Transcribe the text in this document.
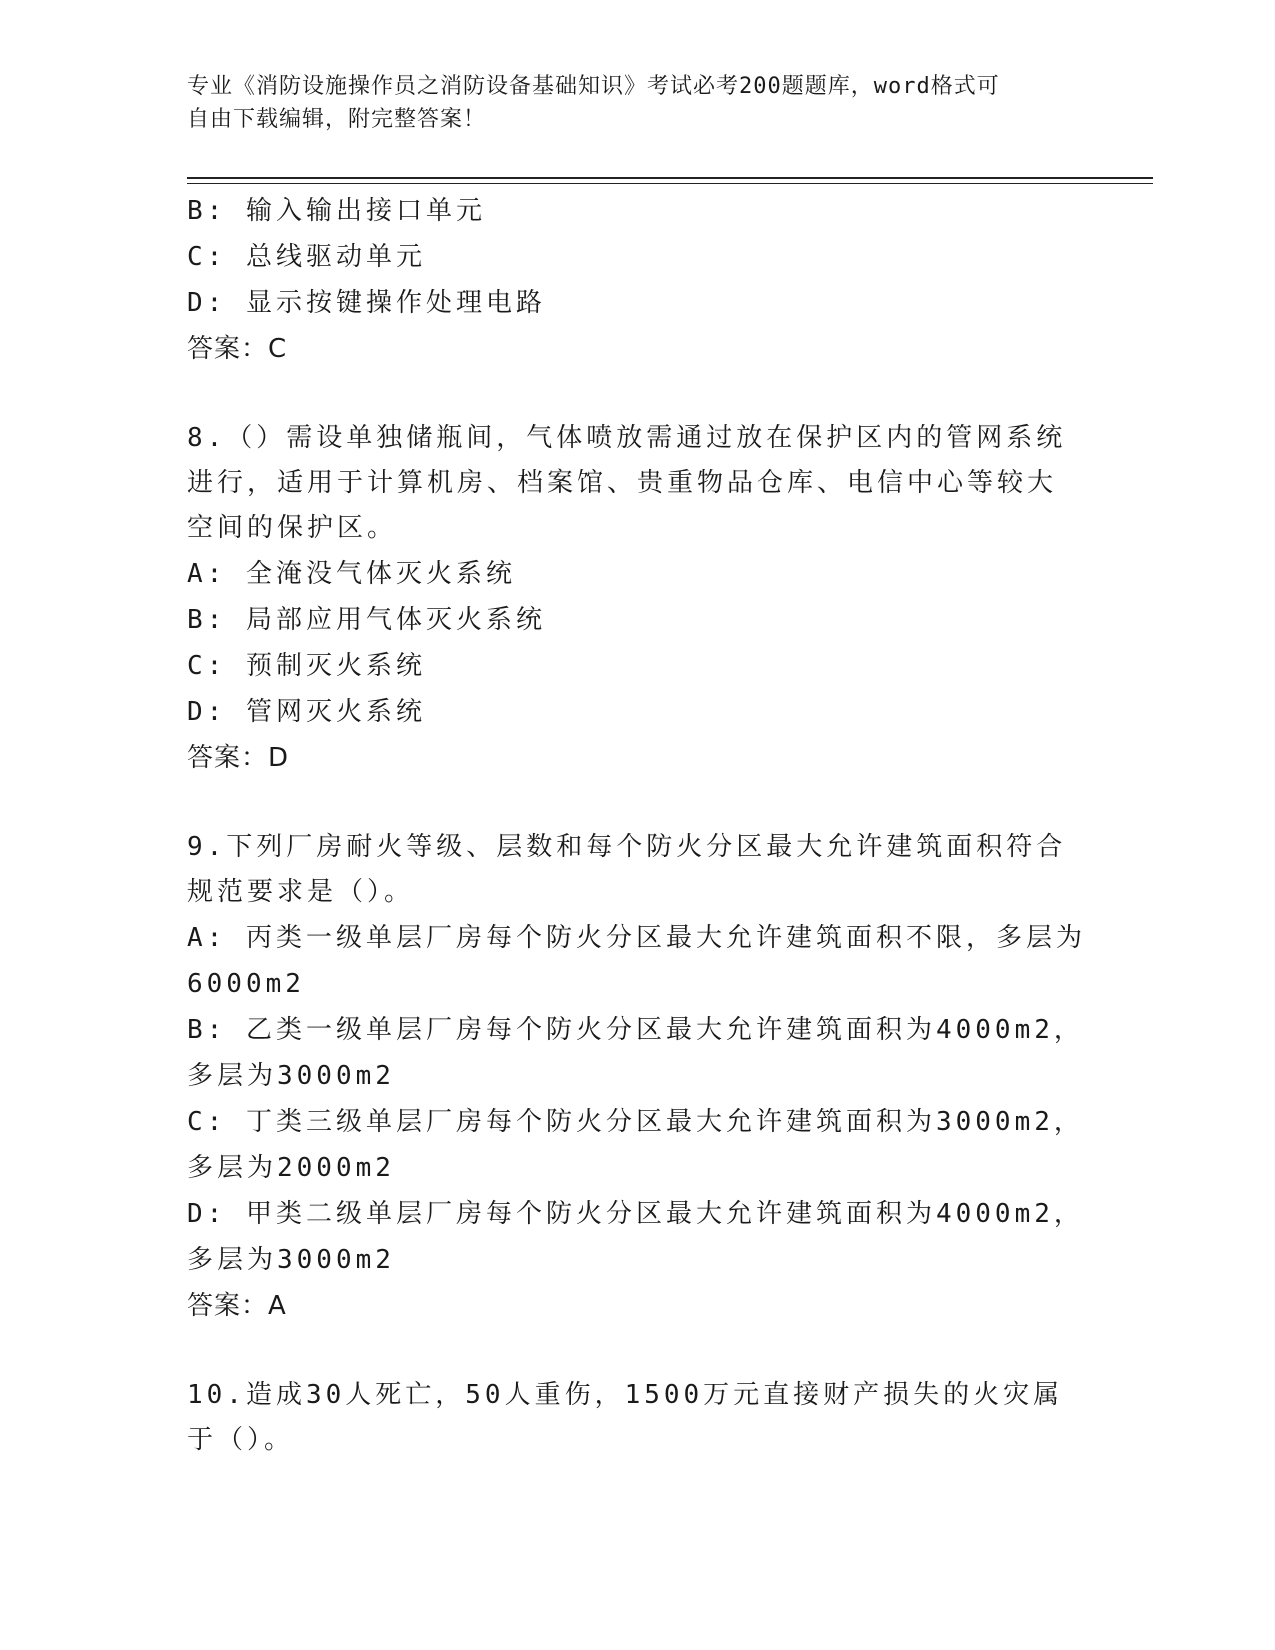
专业《消防设施操作员之消防设备基础知识》考试必考200题题库，word格式可
自由下载编辑，附完整答案！
B: 输入输出接口单元
C: 总线驱动单元
D: 显示按键操作处理电路
答案：C
8.（）需设单独储瓶间，气体喷放需通过放在保护区内的管网系统进行，适用于计算机房、档案馆、贵重物品仓库、电信中心等较大空间的保护区。
A: 全淹没气体灭火系统
B: 局部应用气体灭火系统
C: 预制灭火系统
D: 管网灭火系统
答案：D
9.下列厂房耐火等级、层数和每个防火分区最大允许建筑面积符合规范要求是（）。
A: 丙类一级单层厂房每个防火分区最大允许建筑面积不限，多层为6000m2
B: 乙类一级单层厂房每个防火分区最大允许建筑面积为4000m2，多层为3000m2
C: 丁类三级单层厂房每个防火分区最大允许建筑面积为3000m2，多层为2000m2
D: 甲类二级单层厂房每个防火分区最大允许建筑面积为4000m2，多层为3000m2
答案：A
10.造成30人死亡，50人重伤，1500万元直接财产损失的火灾属于（）。
